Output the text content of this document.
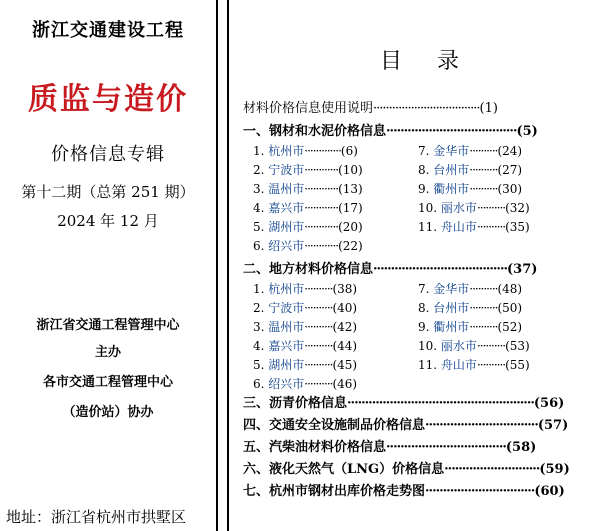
浙江交通建设工程
质监与造价
价格信息专辑
第十二期（总第 251 期）
2024 年 12 月
浙江省交通工程管理中心
主办
各市交通工程管理中心
（造价站）协办
地址：浙江省杭州市拱墅区
目 录
材料价格信息使用说明··································(1)
一、钢材和水泥价格信息·····································(5)
1. 杭州市·············(6)
2. 宁波市············(10)
3. 温州市············(13)
4. 嘉兴市············(17)
5. 湖州市············(20)
6. 绍兴市············(22)
7. 金华市··········(24)
8. 台州市··········(27)
9. 衢州市··········(30)
10. 丽水市··········(32)
11. 舟山市··········(35)
二、地方材料价格信息······································(37)
1. 杭州市··········(38)
2. 宁波市··········(40)
3. 温州市··········(42)
4. 嘉兴市··········(44)
5. 湖州市··········(45)
6. 绍兴市··········(46)
7. 金华市··········(48)
8. 台州市··········(50)
9. 衢州市··········(52)
10. 丽水市··········(53)
11. 舟山市··········(55)
三、沥青价格信息·····················································(56)
四、交通安全设施制品价格信息································(57)
五、汽柴油材料价格信息··································(58)
六、液化天然气（LNG）价格信息···························(59)
七、杭州市钢材出库价格走势图·······························(60)
